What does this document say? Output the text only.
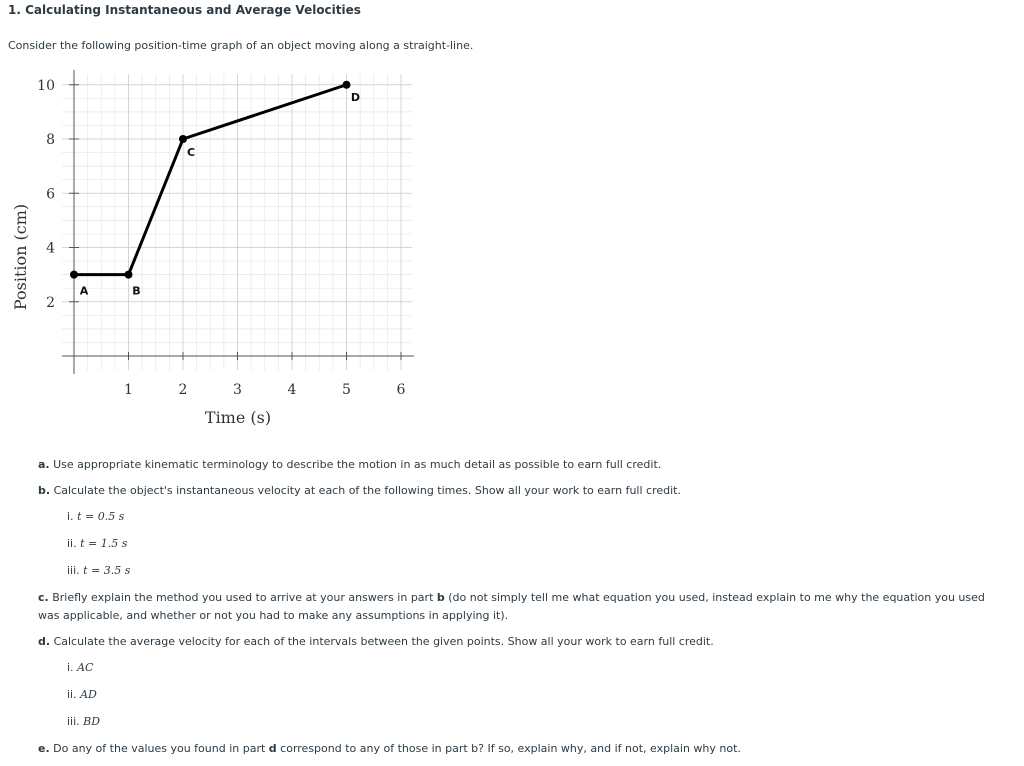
1. Calculating Instantaneous and Average Velocities
Consider the following position-time graph of an object moving along a straight-line.
1	2	3	4	5	6
2
4
6
8
10
A	B
C
D
Time (s)
Position (cm)
a. Use appropriate kinematic terminology to describe the motion in as much detail as possible to earn full credit.
b. Calculate the object's instantaneous velocity at each of the following times. Show all your work to earn full credit.
i. t = 0.5 s
ii. t = 1.5 s
iii. t = 3.5 s
c. Briefly explain the method you used to arrive at your answers in part b (do not simply tell me what equation you used, instead explain to me why the equation you used was applicable, and whether or not you had to make any assumptions in applying it).
d. Calculate the average velocity for each of the intervals between the given points. Show all your work to earn full credit.
i. AC
ii. AD
iii. BD
e. Do any of the values you found in part d correspond to any of those in part b? If so, explain why, and if not, explain why not.
